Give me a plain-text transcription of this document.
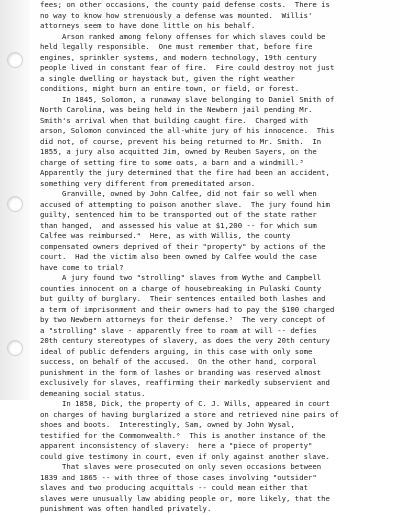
fees; on other occasions, the county paid defense costs.  There is
no way to know how strenuously a defense was mounted.  Willis'
attorneys seem to have done little on his behalf.
Arson ranked among felony offenses for which slaves could be
held legally responsible.  One must remember that, before fire
engines, sprinkler systems, and modern technology, 19th century
people lived in constant fear of fire.  Fire could destroy not just
a single dwelling or haystack but, given the right weather
conditions, might burn an entire town, or field, or forest.
In 1845, Solomon, a runaway slave belonging to Daniel Smith of
North Carolina, was being held in the Newbern jail pending Mr.
Smith's arrival when that building caught fire.  Charged with
arson, Solomon convinced the all-white jury of his innocence.  This
did not, of course, prevent his being returned to Mr. Smith.  In
1855, a jury also acquitted Jim, owned by Reuben Sayers, on the
charge of setting fire to some oats, a barn and a windmill.³
Apparently the jury determined that the fire had been an accident,
something very different from premeditated arson.
Granville, owned by John Calfee, did not fair so well when
accused of attempting to poison another slave.  The jury found him
guilty, sentenced him to be transported out of the state rather
than hanged,  and assessed his value at $1,200 -- for which sum
Calfee was reimbursed.⁴  Here, as with Willis, the county
compensated owners deprived of their "property" by actions of the
court.  Had the victim also been owned by Calfee would the case
have come to trial?
A jury found two "strolling" slaves from Wythe and Campbell
counties innocent on a charge of housebreaking in Pulaski County
but guilty of burglary.  Their sentences entailed both lashes and
a term of imprisonment and their owners had to pay the $100 charged
by two Newbern attorneys for their defense.⁵  The very concept of
a "strolling" slave - apparently free to roam at will -- defies
20th century stereotypes of slavery, as does the very 20th century
ideal of public defenders arguing, in this case with only some
success, on behalf of the accused.  On the other hand, corporal
punishment in the form of lashes or branding was reserved almost
exclusively for slaves, reaffirming their markedly subservient and
demeaning social status.
In 1858, Dick, the property of C. J. Wills, appeared in court
on charges of having burglarized a store and retrieved nine pairs of
shoes and boots.  Interestingly, Sam, owned by John Wysal,
testified for the Commonwealth.⁶  This is another instance of the
apparent inconsistency of slavery:  here a "piece of property"
could give testimony in court, even if only against another slave.
That slaves were prosecuted on only seven occasions between
1839 and 1865 -- with three of those cases involving "outsider"
slaves and two producing acquittals -- could mean either that
slaves were unusually law abiding people or, more likely, that the
punishment was often handled privately.
